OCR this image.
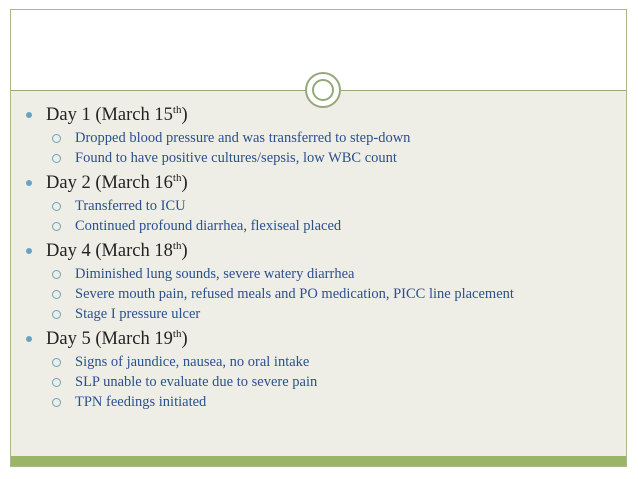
Day 1 (March 15th)
Dropped blood pressure and was transferred to step-down
Found to have positive cultures/sepsis, low WBC count
Day 2 (March 16th)
Transferred to ICU
Continued profound diarrhea, flexiseal placed
Day 4 (March 18th)
Diminished lung sounds, severe watery diarrhea
Severe mouth pain, refused meals and PO medication, PICC line placement
Stage I pressure ulcer
Day 5 (March 19th)
Signs of jaundice, nausea, no oral intake
SLP unable to evaluate due to severe pain
TPN feedings initiated
